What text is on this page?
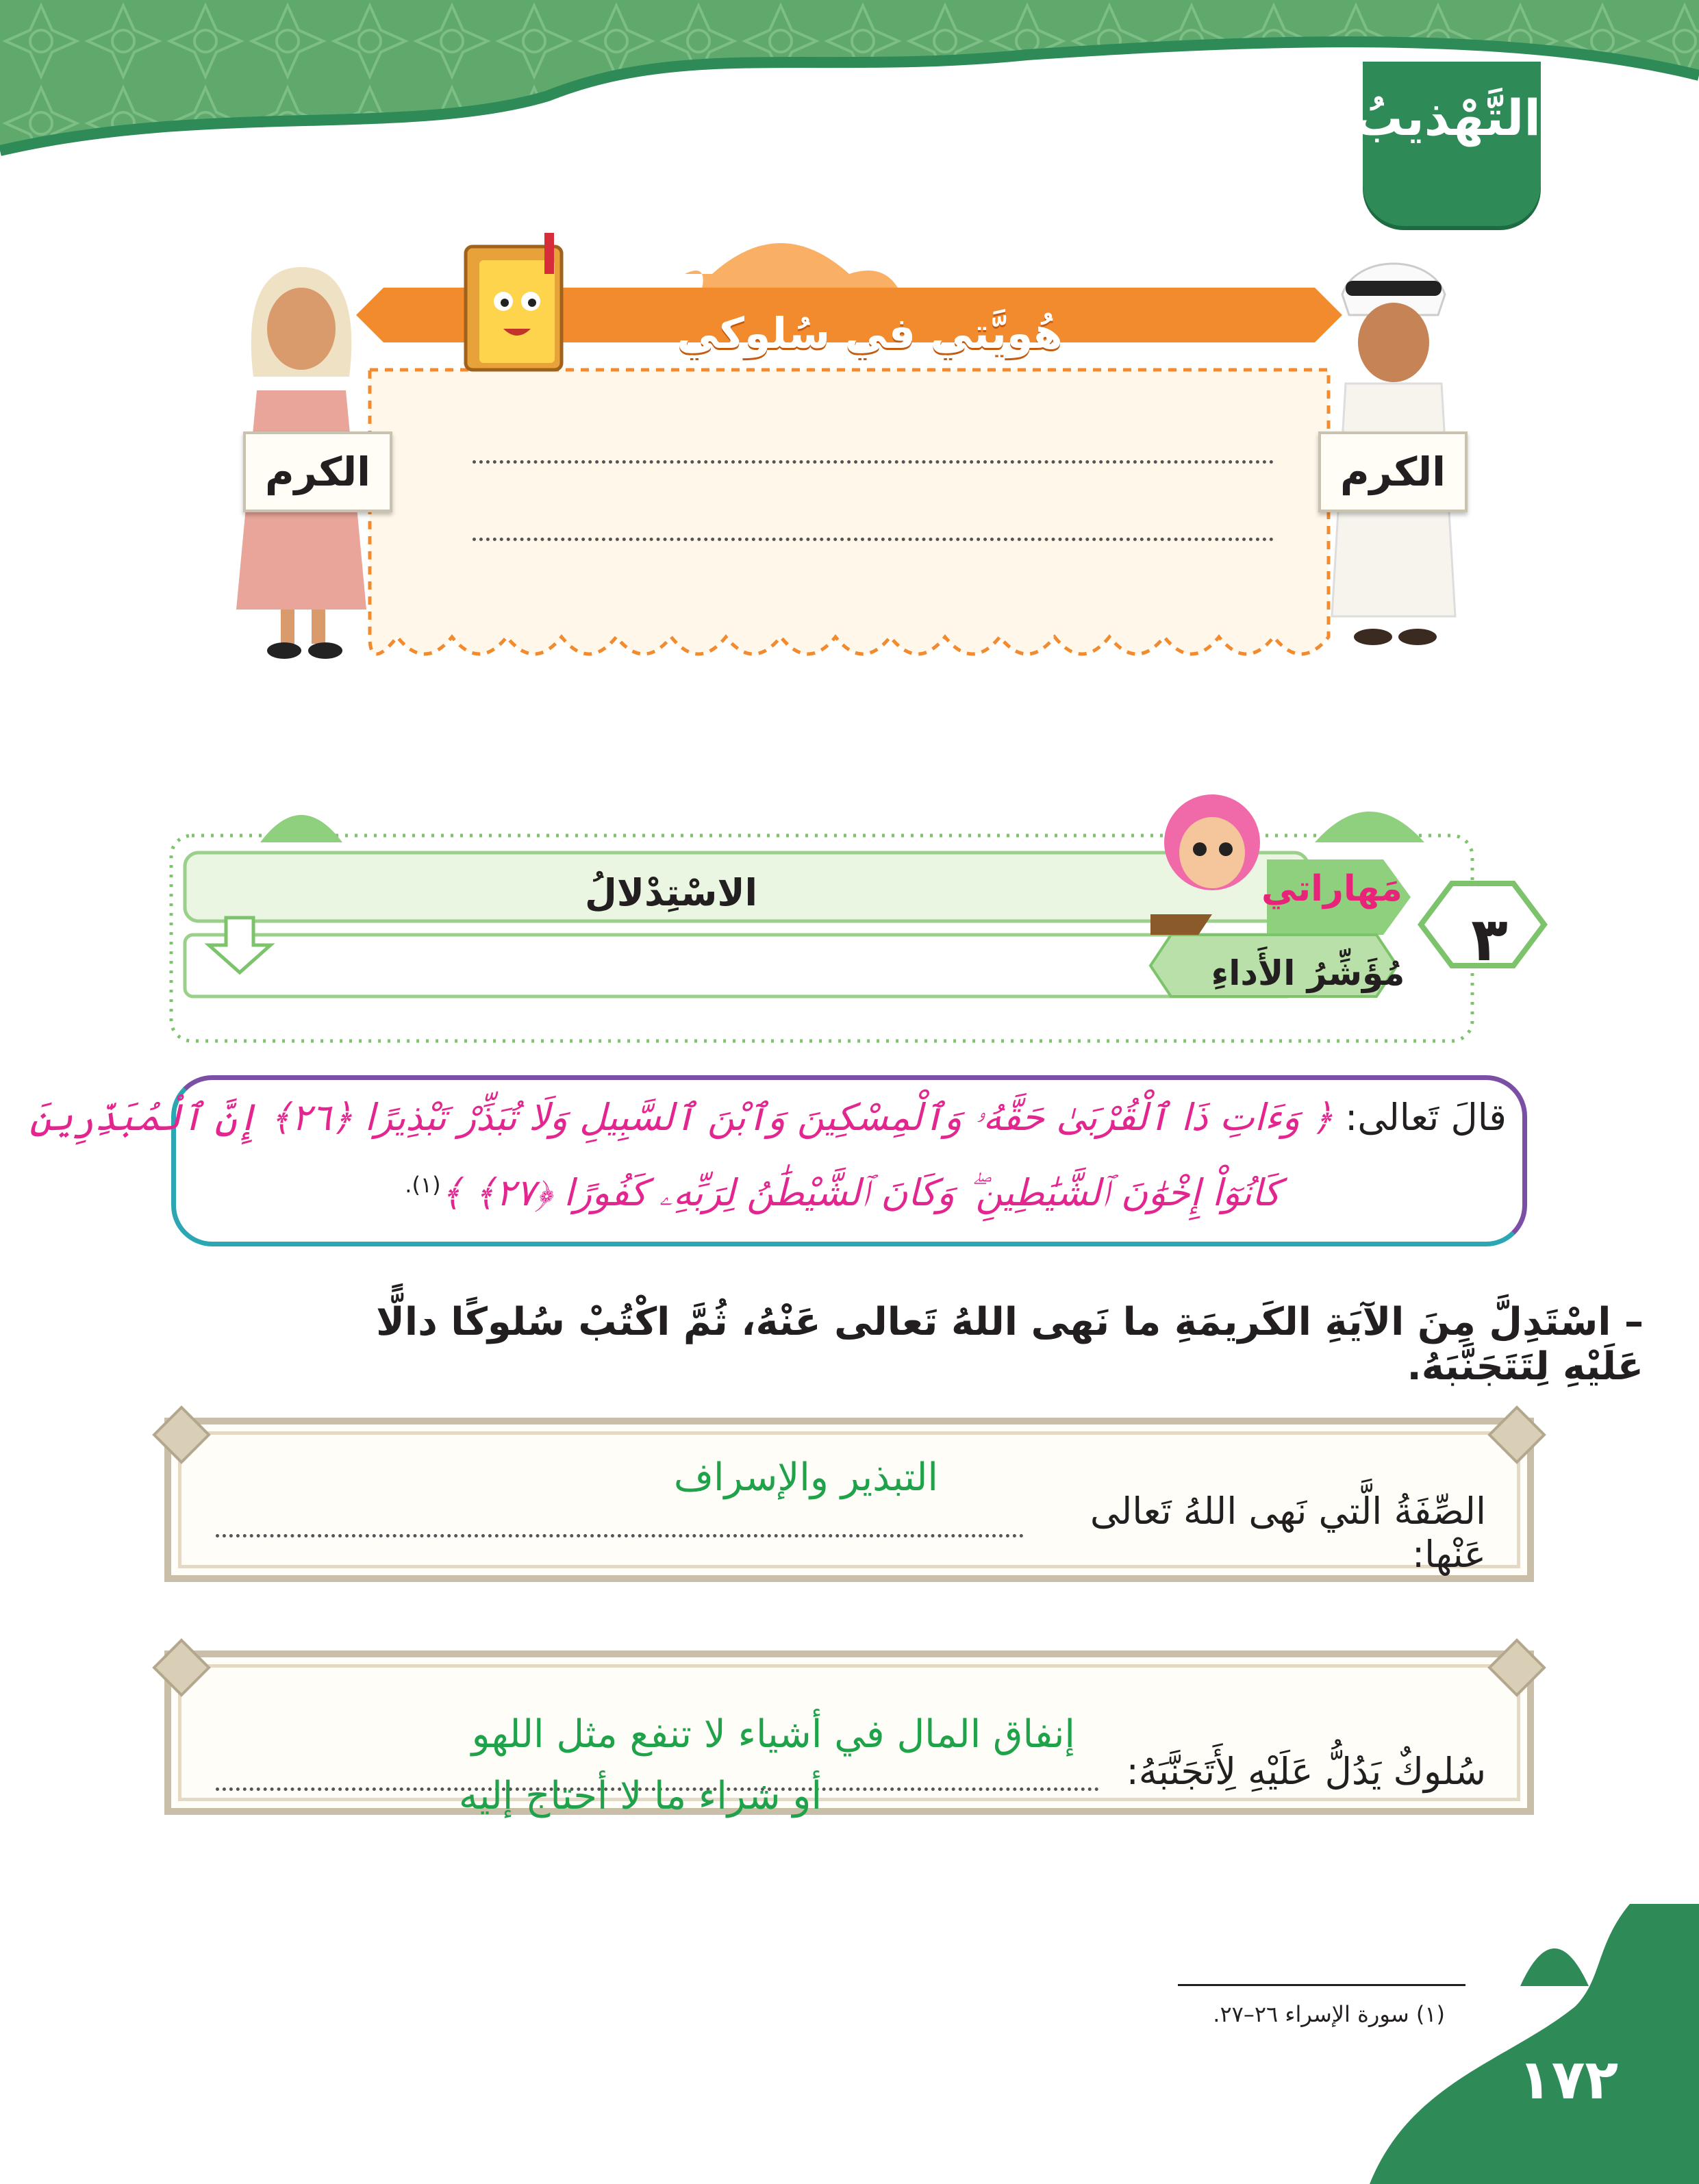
التَّهْذيبُ
هُويَّتي في سُلوكي
الكرم	الكرم
الاسْتِدْلالُ	مَهاراتي
مُؤَشِّرُ الأَداءِ	٣
قالَ تَعالى: ﴿ وَءَاتِ ذَا ٱلْقُرْبَىٰ حَقَّهُۥ وَٱلْمِسْكِينَ وَٱبْنَ ٱلسَّبِيلِ وَلَا تُبَذِّرْ تَبْذِيرًا ﴿٢٦﴾ إِنَّ ٱلْمُبَذِّرِينَ
كَانُوٓاْ إِخْوَٰنَ ٱلشَّيَٰطِينِ ۖ وَكَانَ ٱلشَّيْطَٰنُ لِرَبِّهِۦ كَفُورًا ﴿٢٧﴾ ﴾$^{(١).}$
– اسْتَدِلَّ مِنَ الآيَةِ الكَريمَةِ ما نَهى اللهُ تَعالى عَنْهُ، ثُمَّ اكْتُبْ سُلوكًا دالًّا عَلَيْهِ لِتَتَجَنَّبَهُ.
الصِّفَةُ الَّتي نَهى اللهُ تَعالى عَنْها:
التبذير والإسراف
سُلوكٌ يَدُلُّ عَلَيْهِ لِأَتَجَنَّبَهُ:
إنفاق المال في أشياء لا تنفع مثل اللهو
أو شراء ما لا أحتاج إليه
(١) سورة الإسراء ٢٦–٢٧.
١٧٢
